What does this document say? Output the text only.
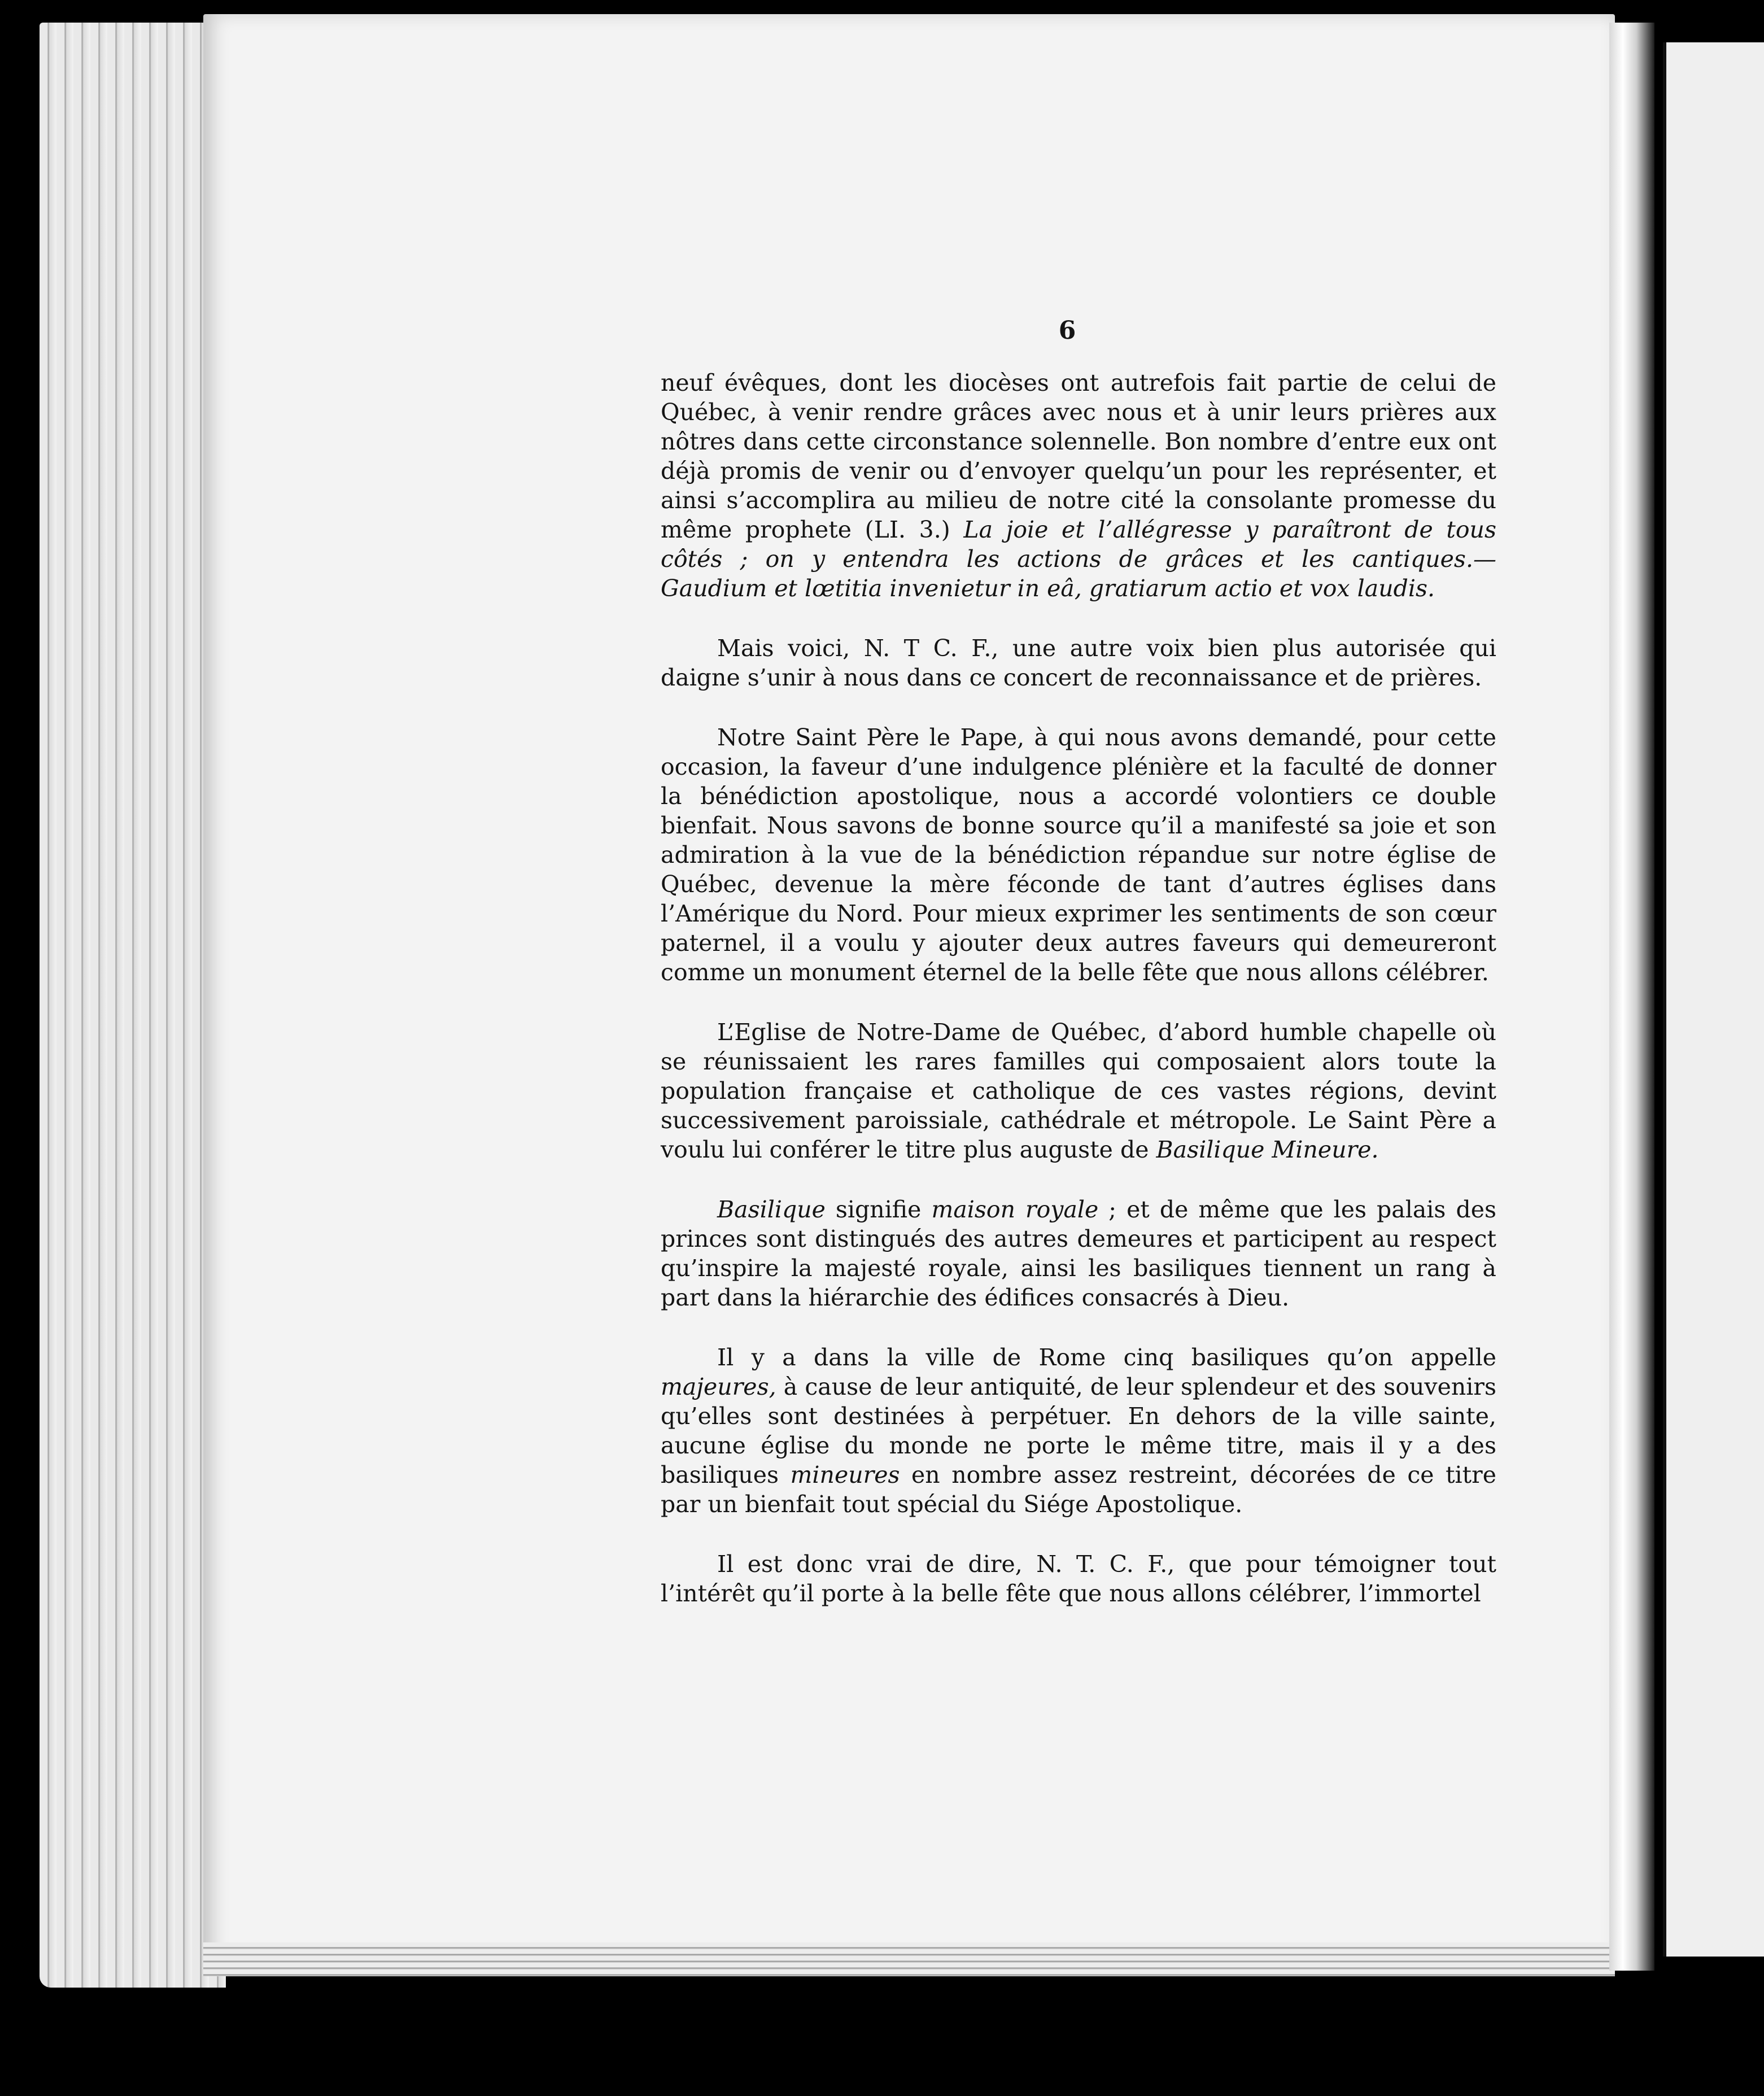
6

neuf évêques, dont les diocèses ont autrefois fait partie de celui de Québec, à venir rendre grâces avec nous et à unir leurs prières aux nôtres dans cette circonstance solennelle. Bon nombre d’entre eux ont déjà promis de venir ou d’envoyer quelqu’un pour les représenter, et ainsi s’accomplira au milieu de notre cité la consolante promesse du même prophete (LI. 3.) La joie et l’allégresse y paraîtront de tous côtés ; on y entendra les actions de grâces et les cantiques.— Gaudium et lœtitia invenietur in eâ, gratiarum actio et vox laudis.

Mais voici, N. T C. F., une autre voix bien plus autorisée qui daigne s’unir à nous dans ce concert de reconnaissance et de prières.

Notre Saint Père le Pape, à qui nous avons demandé, pour cette occasion, la faveur d’une indulgence plénière et la faculté de donner la bénédiction apostolique, nous a accordé volontiers ce double bienfait. Nous savons de bonne source qu’il a manifesté sa joie et son admiration à la vue de la bénédiction répandue sur notre église de Québec, devenue la mère féconde de tant d’autres églises dans l’Amérique du Nord. Pour mieux exprimer les sentiments de son cœur paternel, il a voulu y ajouter deux autres faveurs qui demeureront comme un monument éternel de la belle fête que nous allons célébrer.

L’Eglise de Notre-Dame de Québec, d’abord humble chapelle où se réunissaient les rares familles qui composaient alors toute la population française et catholique de ces vastes régions, devint successivement paroissiale, cathédrale et métropole. Le Saint Père a voulu lui conférer le titre plus auguste de Basilique Mineure.

Basilique signifie maison royale ; et de même que les palais des princes sont distingués des autres demeures et participent au respect qu’inspire la majesté royale, ainsi les basiliques tiennent un rang à part dans la hiérarchie des édifices consacrés à Dieu.

Il y a dans la ville de Rome cinq basiliques qu’on appelle majeures, à cause de leur antiquité, de leur splendeur et des souvenirs qu’elles sont destinées à perpétuer. En dehors de la ville sainte, aucune église du monde ne porte le même titre, mais il y a des basiliques mineures en nombre assez restreint, décorées de ce titre par un bienfait tout spécial du Siége Apostolique.

Il est donc vrai de dire, N. T. C. F., que pour témoigner tout l’intérêt qu’il porte à la belle fête que nous allons célébrer, l’immortel
